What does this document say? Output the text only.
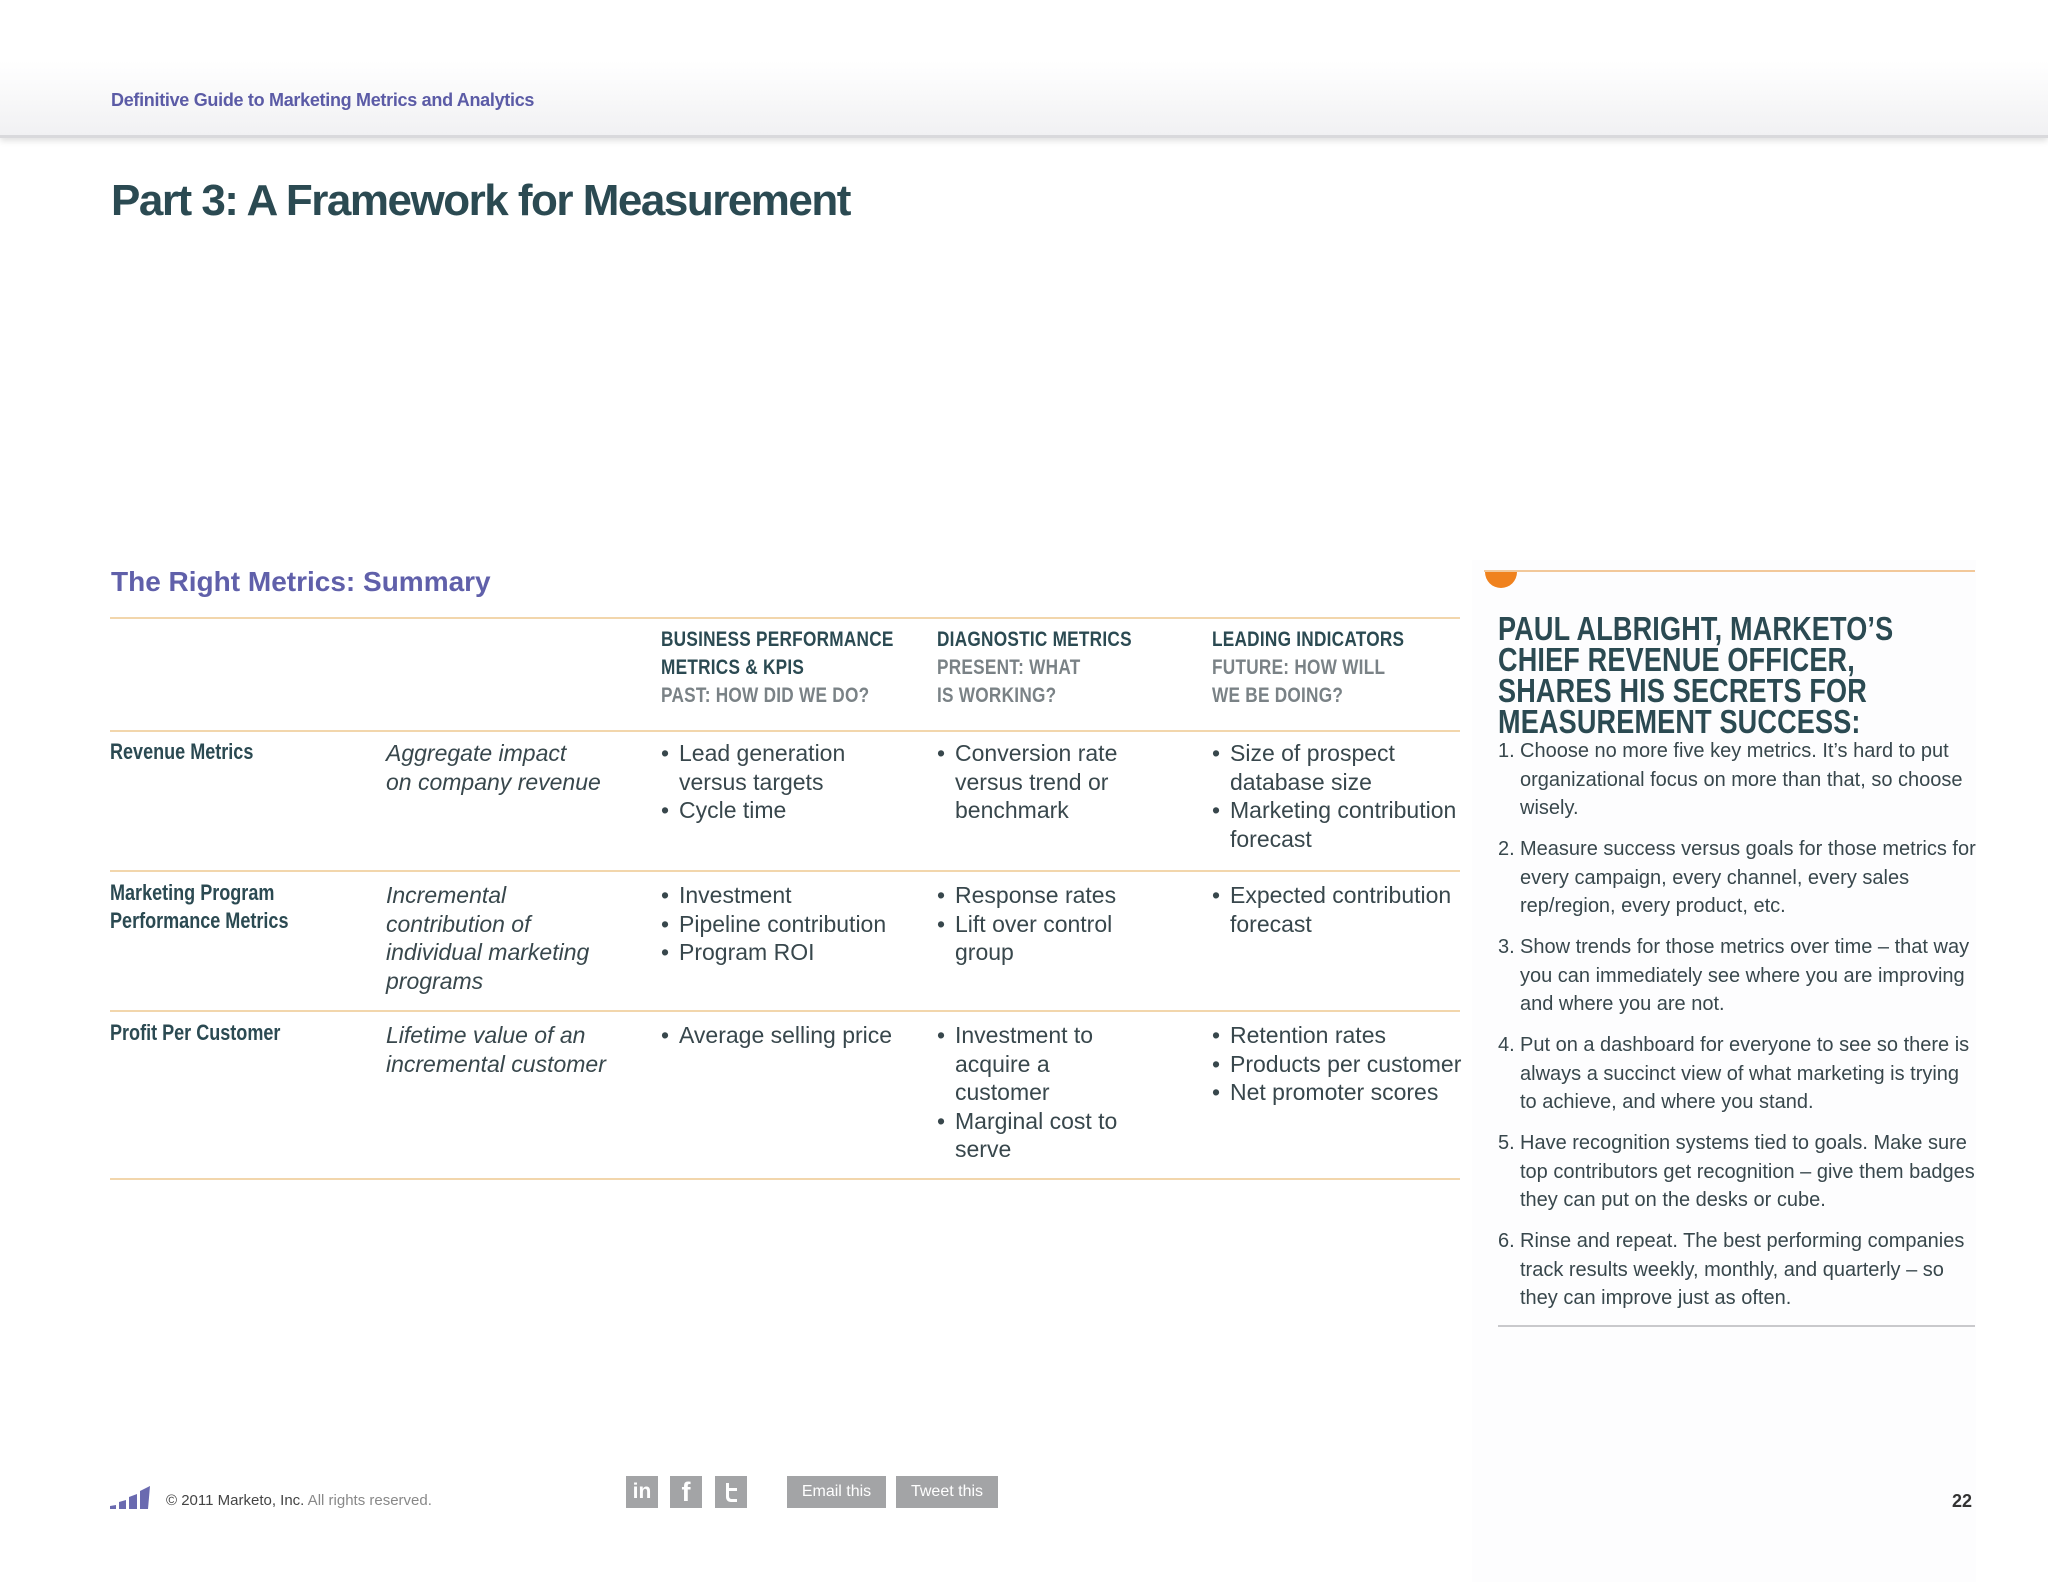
Definitive Guide to Marketing Metrics and Analytics
Part 3: A Framework for Measurement
The Right Metrics: Summary
BUSINESS PERFORMANCE
METRICS & KPIS
PAST: HOW DID WE DO?
DIAGNOSTIC METRICS
PRESENT: WHAT
IS WORKING?
LEADING INDICATORS
FUTURE: HOW WILL
WE BE DOING?
Revenue Metrics	Aggregate impact
on company revenue
• Lead generation versus targets
• Cycle time
• Conversion rate versus trend or benchmark
• Size of prospect database size
• Marketing contribution forecast
Marketing Program
Performance Metrics
Incremental
contribution of
individual marketing
programs
• Investment
• Pipeline contribution
• Program ROI
• Response rates
• Lift over control group
• Expected contribution forecast
Profit Per Customer	Lifetime value of an
incremental customer
• Average selling price
•	Investment to acquire a customer
• Marginal cost to serve
• Retention rates
• Products per customer
• Net promoter scores
PAUL ALBRIGHT, MARKETO’S CHIEF REVENUE OFFICER, SHARES HIS SECRETS FOR MEASUREMENT SUCCESS:
1. Choose no more five key metrics. It’s hard to put organizational focus on more than that, so choose wisely.
2. Measure success versus goals for those metrics for every campaign, every channel, every sales rep/region, every product, etc.
3. Show trends for those metrics over time – that way you can immediately see where you are improving and where you are not.
4. Put on a dashboard for everyone to see so there is always a succinct view of what marketing is trying to achieve, and where you stand.
5. Have recognition systems tied to goals. Make sure top contributors get recognition – give them badges they can put on the desks or cube.
6. Rinse and repeat. The best performing companies track results weekly, monthly, and quarterly – so they can improve just as often.
© 2011 Marketo, Inc. All rights reserved.	in f	Email this	Tweet this	22
